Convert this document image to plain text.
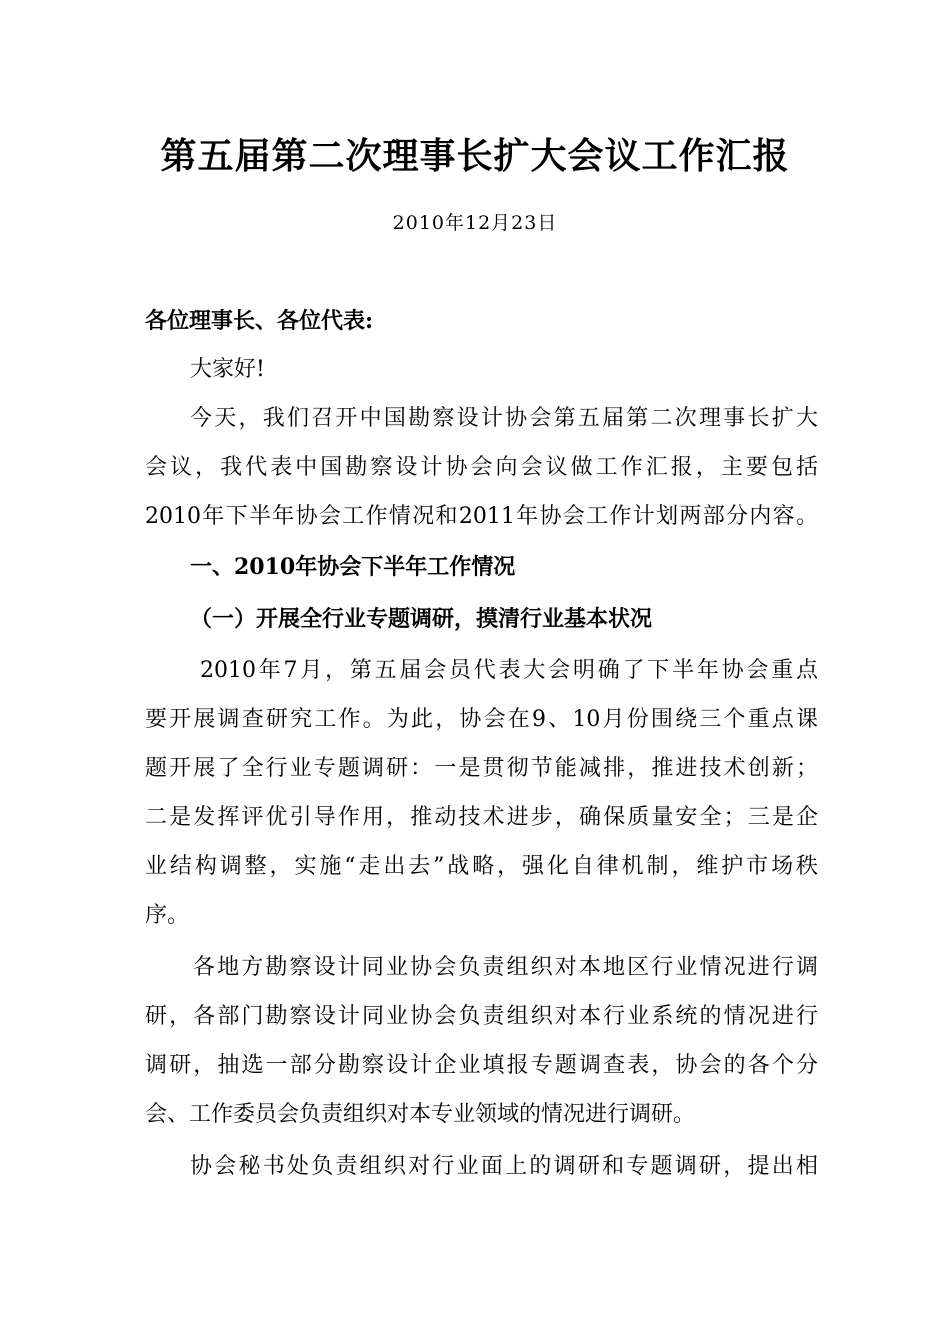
第五届第二次理事长扩大会议工作汇报
2010年12月23日
各位理事长、各位代表:
大家好!
今天，我们召开中国勘察设计协会第五届第二次理事长扩大
会议，我代表中国勘察设计协会向会议做工作汇报，主要包括
2010年下半年协会工作情况和2011年协会工作计划两部分内容。
一、2010年协会下半年工作情况
（一）开展全行业专题调研，摸清行业基本状况
2010年7月，第五届会员代表大会明确了下半年协会重点
要开展调查研究工作。为此，协会在9、10月份围绕三个重点课
题开展了全行业专题调研：一是贯彻节能减排，推进技术创新；
二是发挥评优引导作用，推动技术进步，确保质量安全；三是企
业结构调整，实施“走出去”战略，强化自律机制，维护市场秩
序。
各地方勘察设计同业协会负责组织对本地区行业情况进行调
研，各部门勘察设计同业协会负责组织对本行业系统的情况进行
调研，抽选一部分勘察设计企业填报专题调查表，协会的各个分
会、工作委员会负责组织对本专业领域的情况进行调研。
协会秘书处负责组织对行业面上的调研和专题调研，提出相
